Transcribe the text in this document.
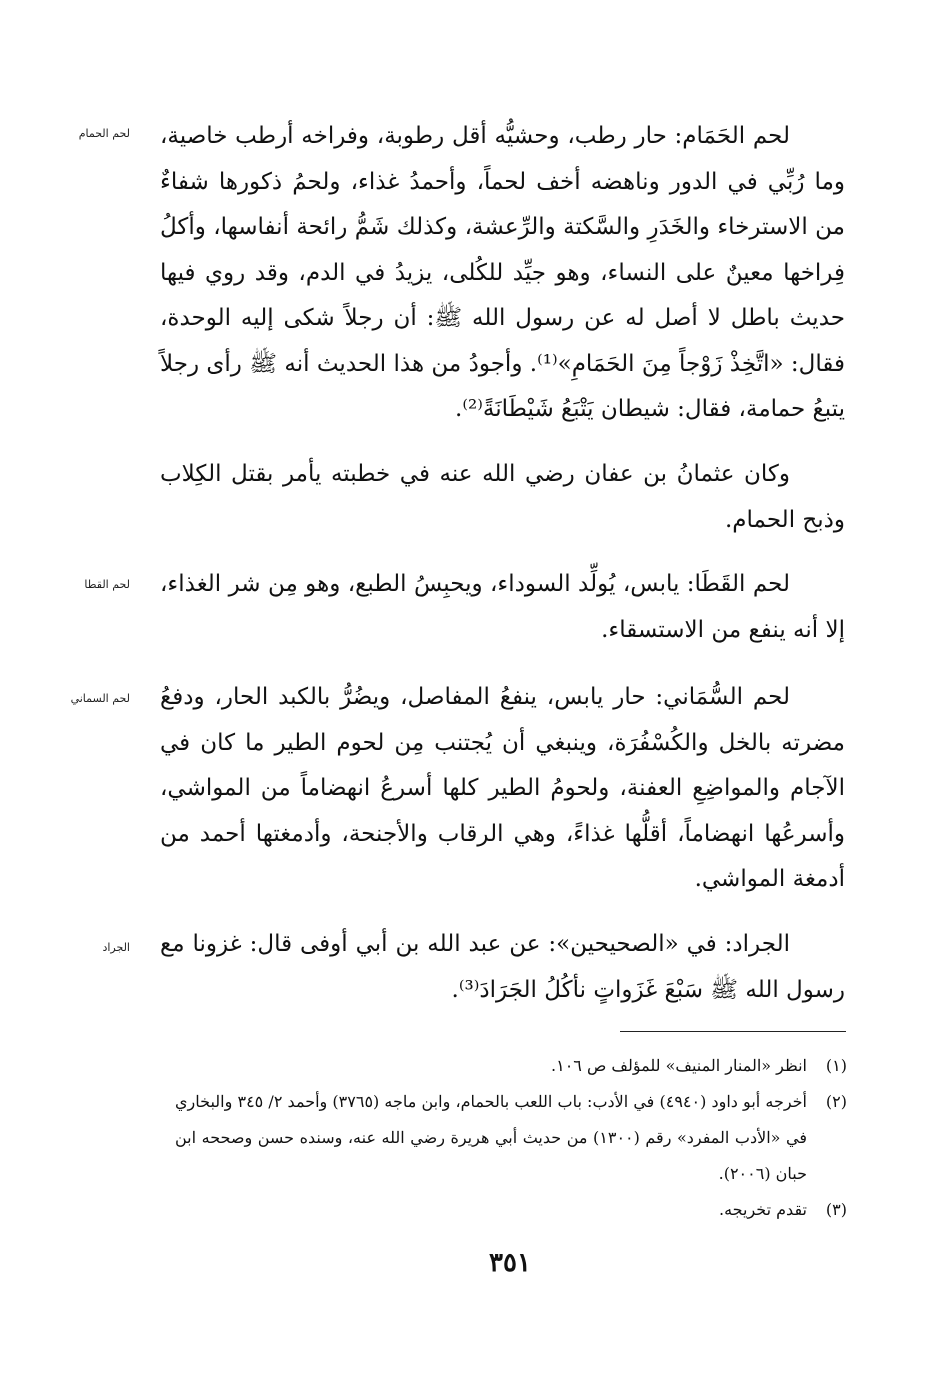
لحم الحمام لحم الحَمَام: حار رطب، وحشيُّه أقل رطوبة، وفراخه أرطب خاصية، وما رُبِّي في الدور وناهضه أخف لحماً، وأحمدُ غذاء، ولحمُ ذكورها شفاءٌ من الاسترخاء والخَدَرِ والسَّكتة والرِّعشة، وكذلك شَمُّ رائحة أنفاسها، وأكلُ فِراخها معينٌ على النساء، وهو جيِّد للكُلى، يزيدُ في الدم، وقد روي فيها حديث باطل لا أصل له عن رسول الله ﷺ: أن رجلاً شكى إليه الوحدة، فقال: «اتَّخِذْ زَوْجاً مِنَ الحَمَامِ»⁽¹⁾. وأجودُ من هذا الحديث أنه ﷺ رأى رجلاً يتبعُ حمامة، فقال: شيطان يَتْبَعُ شَيْطَانَةً⁽²⁾.

وكان عثمانُ بن عفان رضي الله عنه في خطبته يأمر بقتل الكِلاب وذبح الحمام.

لحم القطا لحم القَطَا: يابس، يُولِّد السوداء، ويحبِسُ الطبع، وهو مِن شر الغذاء، إلا أنه ينفع من الاستسقاء.

لحم السماني لحم السُّمَاني: حار يابس، ينفعُ المفاصل، ويضُرُّ بالكبد الحار، ودفعُ مضرته بالخل والكُسْفُرَة، وينبغي أن يُجتنب مِن لحوم الطير ما كان في الآجام والمواضِعِ العفنة، ولحومُ الطير كلها أسرعُ انهضاماً من المواشي، وأسرعُها انهضاماً، أقلُّها غذاءً، وهي الرقاب والأجنحة، وأدمغتها أحمد من أدمغة المواشي.

الجراد الجراد: في «الصحيحين»: عن عبد الله بن أبي أوفى قال: غزونا مع رسول الله ﷺ سَبْعَ غَزَواتٍ نأكُلُ الجَرَادَ⁽³⁾.

(١)
انظر «المنار المنيف» للمؤلف ص ١٠٦.
(٢)
أخرجه أبو داود (٤٩٤٠) في الأدب: باب اللعب بالحمام، وابن ماجه (٣٧٦٥) وأحمد ٢/ ٣٤٥ والبخاري في «الأدب المفرد» رقم (١٣٠٠) من حديث أبي هريرة رضي الله عنه، وسنده حسن وصححه ابن حبان (٢٠٠٦).
(٣)
تقدم تخريجه.
٣٥١
